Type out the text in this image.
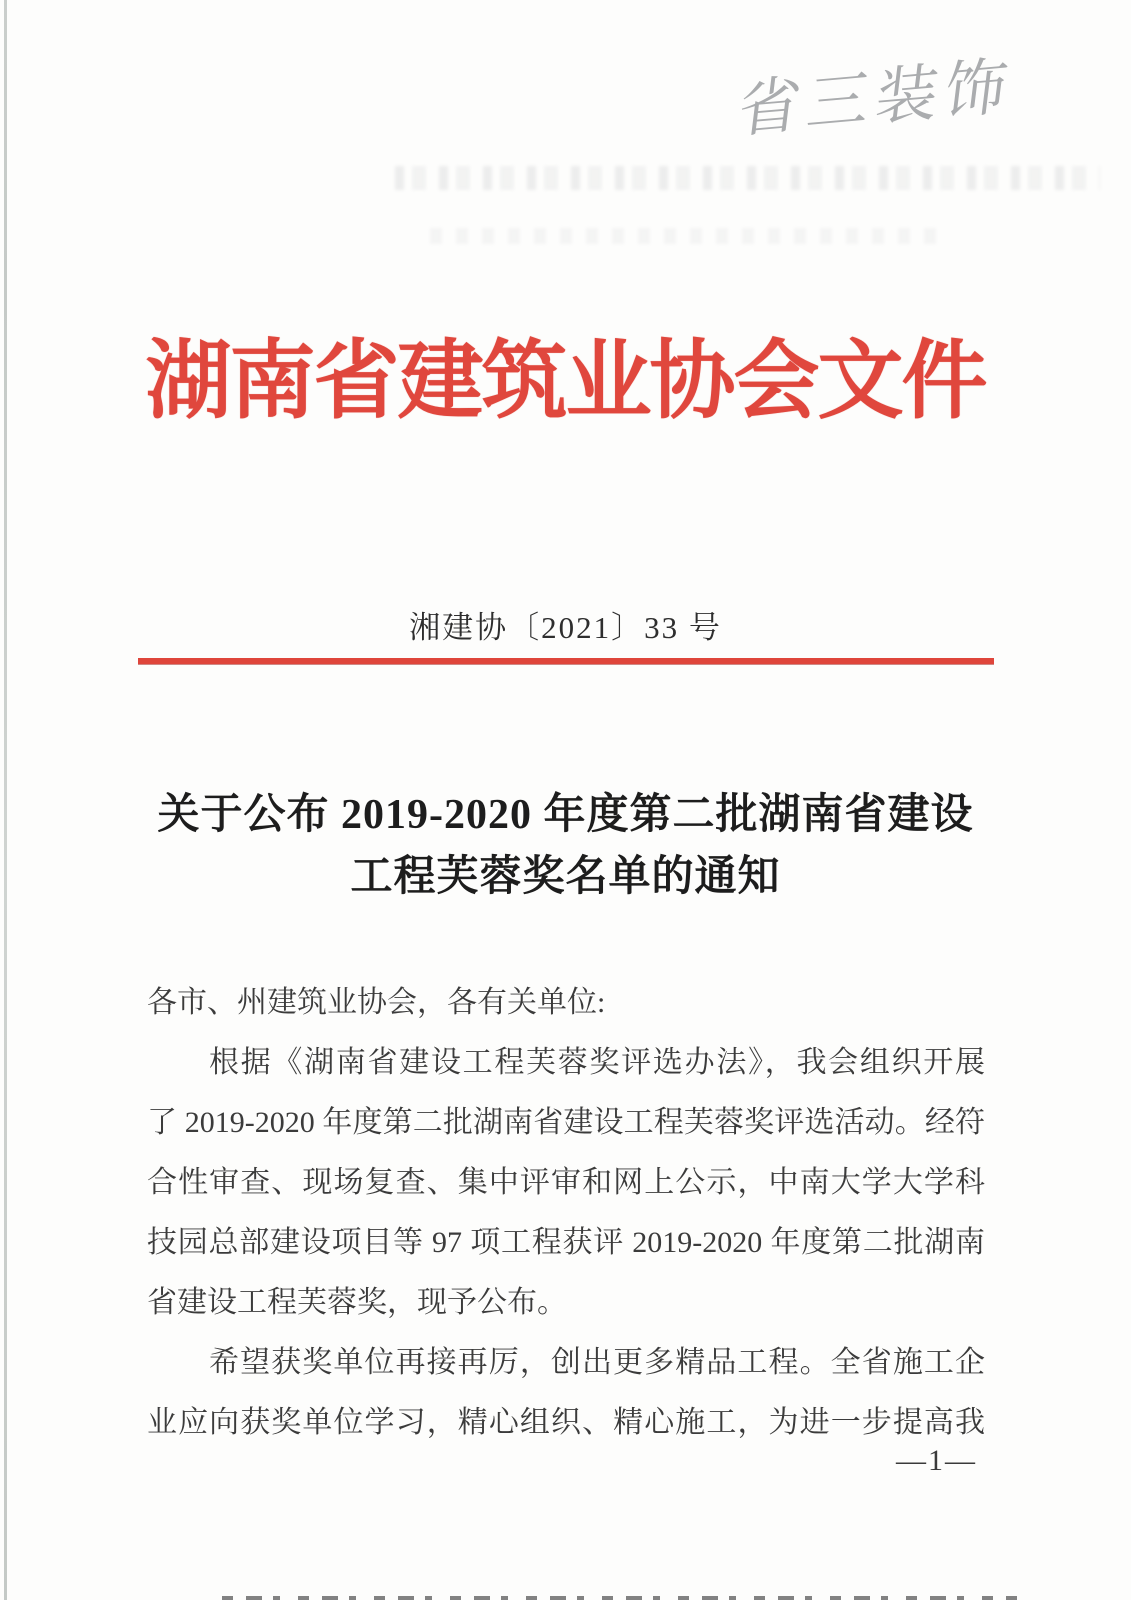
省三装饰
湖南省建筑业协会文件
湘建协〔2021〕33 号
关于公布 2019-2020 年度第二批湖南省建设
工程芙蓉奖名单的通知
各市、州建筑业协会，各有关单位:
根据《湖南省建设工程芙蓉奖评选办法》，我会组织开展
了 2019-2020 年度第二批湖南省建设工程芙蓉奖评选活动。经符
合性审查、现场复查、集中评审和网上公示，中南大学大学科
技园总部建设项目等 97 项工程获评 2019-2020 年度第二批湖南
省建设工程芙蓉奖，现予公布。
希望获奖单位再接再厉，创出更多精品工程。全省施工企
业应向获奖单位学习，精心组织、精心施工，为进一步提高我
—1—
